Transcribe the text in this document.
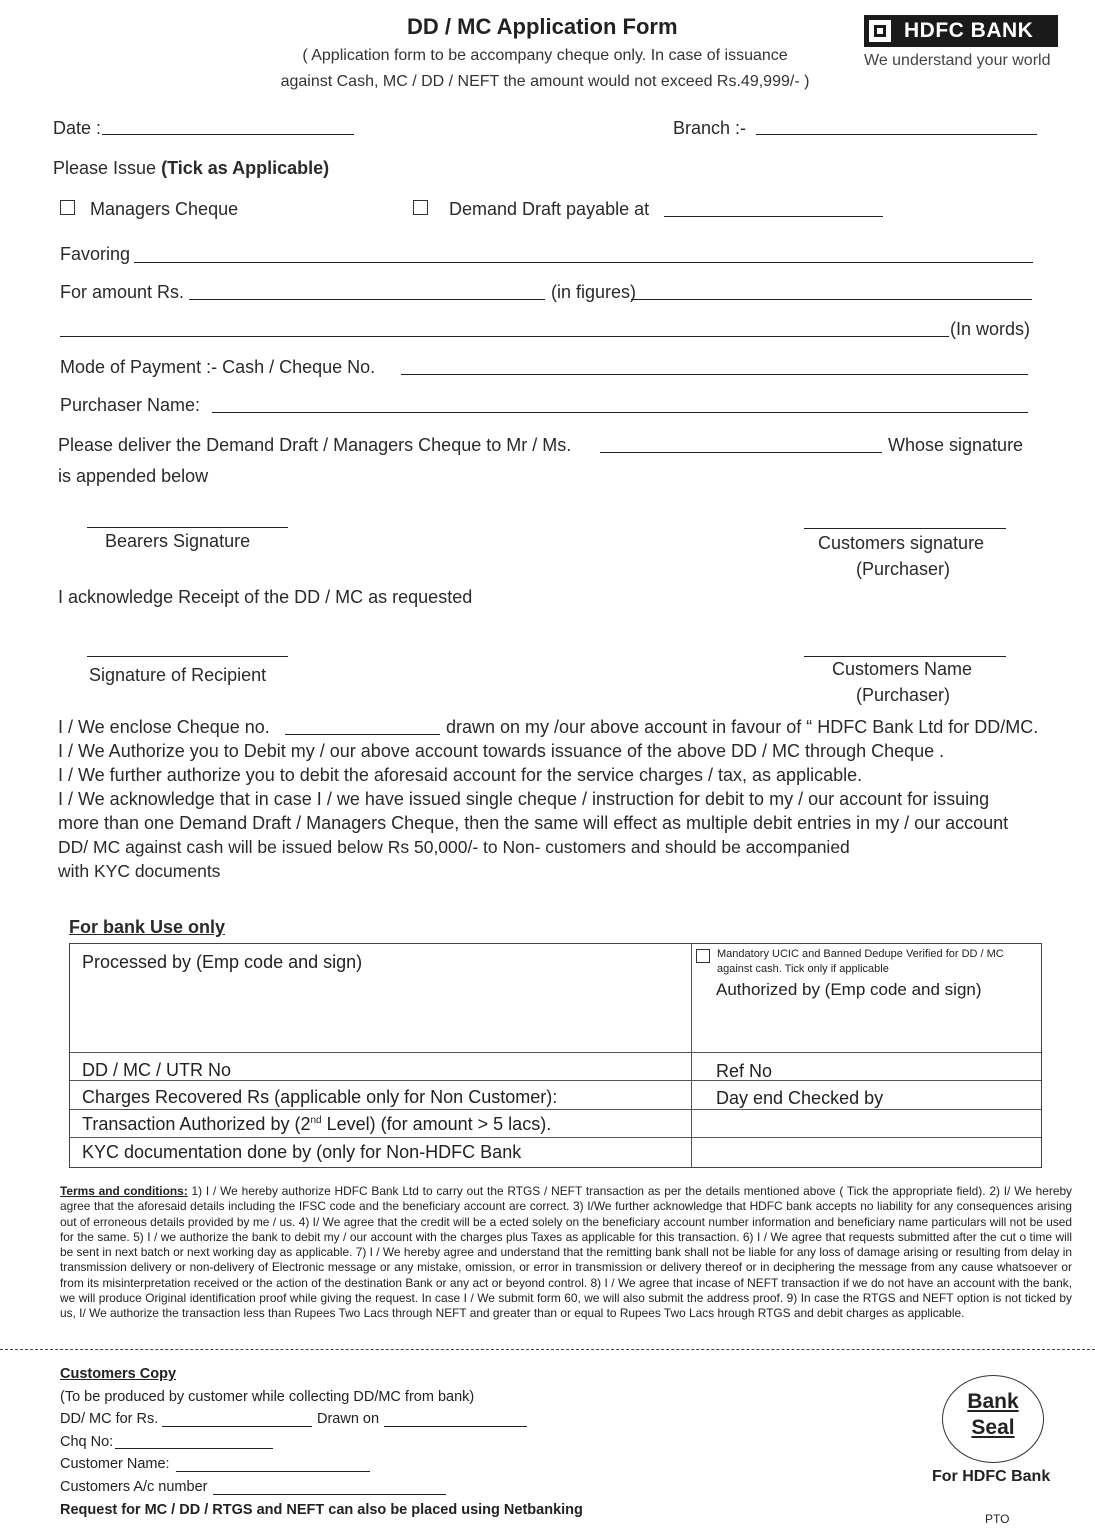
DD / MC Application Form
( Application form to be accompany cheque only. In case of issuance
against Cash, MC / DD / NEFT the amount would not exceed Rs.49,999/- )
HDFC BANK
We understand your world
Date :	Branch :-
Please Issue (Tick as Applicable)
Managers Cheque	Demand Draft payable at
Favoring
For amount Rs.	(in figures)
(In words)
Mode of Payment :- Cash / Cheque No.
Purchaser Name:
Please deliver the Demand Draft / Managers Cheque to Mr / Ms.	Whose signature
is appended below
Bearers Signature	Customers signature
(Purchaser)
I acknowledge Receipt of the DD / MC as requested
Signature of Recipient	Customers Name
(Purchaser)
I / We enclose Cheque no.	drawn on my /our above account in favour of “ HDFC Bank Ltd for DD/MC.
I / We Authorize you to Debit my / our above account towards issuance of the above DD / MC through Cheque .
I / We further authorize you to debit the aforesaid account for the service charges / tax, as applicable.
I / We acknowledge that in case I / we have issued single cheque / instruction for debit to my / our account for issuing
more than one Demand Draft / Managers Cheque, then the same will effect as multiple debit entries in my / our account
DD/ MC against cash will be issued below Rs 50,000/- to Non- customers and should be accompanied
with KYC documents
For bank Use only
Processed by (Emp code and sign)	Mandatory UCIC and Banned Dedupe Verified for DD / MC
against cash. Tick only if applicable
Authorized by (Emp code and sign)
DD / MC / UTR No	Ref No
Charges Recovered Rs (applicable only for Non Customer):	Day end Checked by
Transaction Authorized by (2nd Level) (for amount > 5 lacs).
KYC documentation done by (only for Non-HDFC Bank
Terms and conditions: 1) I / We hereby authorize HDFC Bank Ltd to carry out the RTGS / NEFT transaction as per the details mentioned above ( Tick the appropriate field). 2) I/ We hereby agree that the aforesaid details including the IFSC code and the beneficiary account are correct. 3) I/We further acknowledge that HDFC bank accepts no liability for any consequences arising out of erroneous details provided by me / us. 4) I/ We agree that the credit will be a ected solely on the beneficiary account number information and beneficiary name particulars will not be used for the same. 5) I / we authorize the bank to debit my / our account with the charges plus Taxes as applicable for this transaction. 6) I / We agree that requests submitted after the cut o time will be sent in next batch or next working day as applicable. 7) I / We hereby agree and understand that the remitting bank shall not be liable for any loss of damage arising or resulting from delay in transmission delivery or non-delivery of Electronic message or any mistake, omission, or error in transmission or delivery thereof or in deciphering the message from any cause whatsoever or from its misinterpretation received or the action of the destination Bank or any act or beyond control. 8) I / We agree that incase of NEFT transaction if we do not have an account with the bank, we will produce Original identification proof while giving the request. In case I / We submit form 60, we will also submit the address proof. 9) In case the RTGS and NEFT option is not ticked by us, I/ We authorize the transaction less than Rupees Two Lacs through NEFT and greater than or equal to Rupees Two Lacs hrough RTGS and debit charges as applicable.
Customers Copy
(To be produced by customer while collecting DD/MC from bank)
DD/ MC for Rs.	Drawn on
Chq No:
Customer Name:
Customers A/c number
Request for MC / DD / RTGS and NEFT can also be placed using Netbanking
Bank
Seal
For HDFC Bank
PTO
